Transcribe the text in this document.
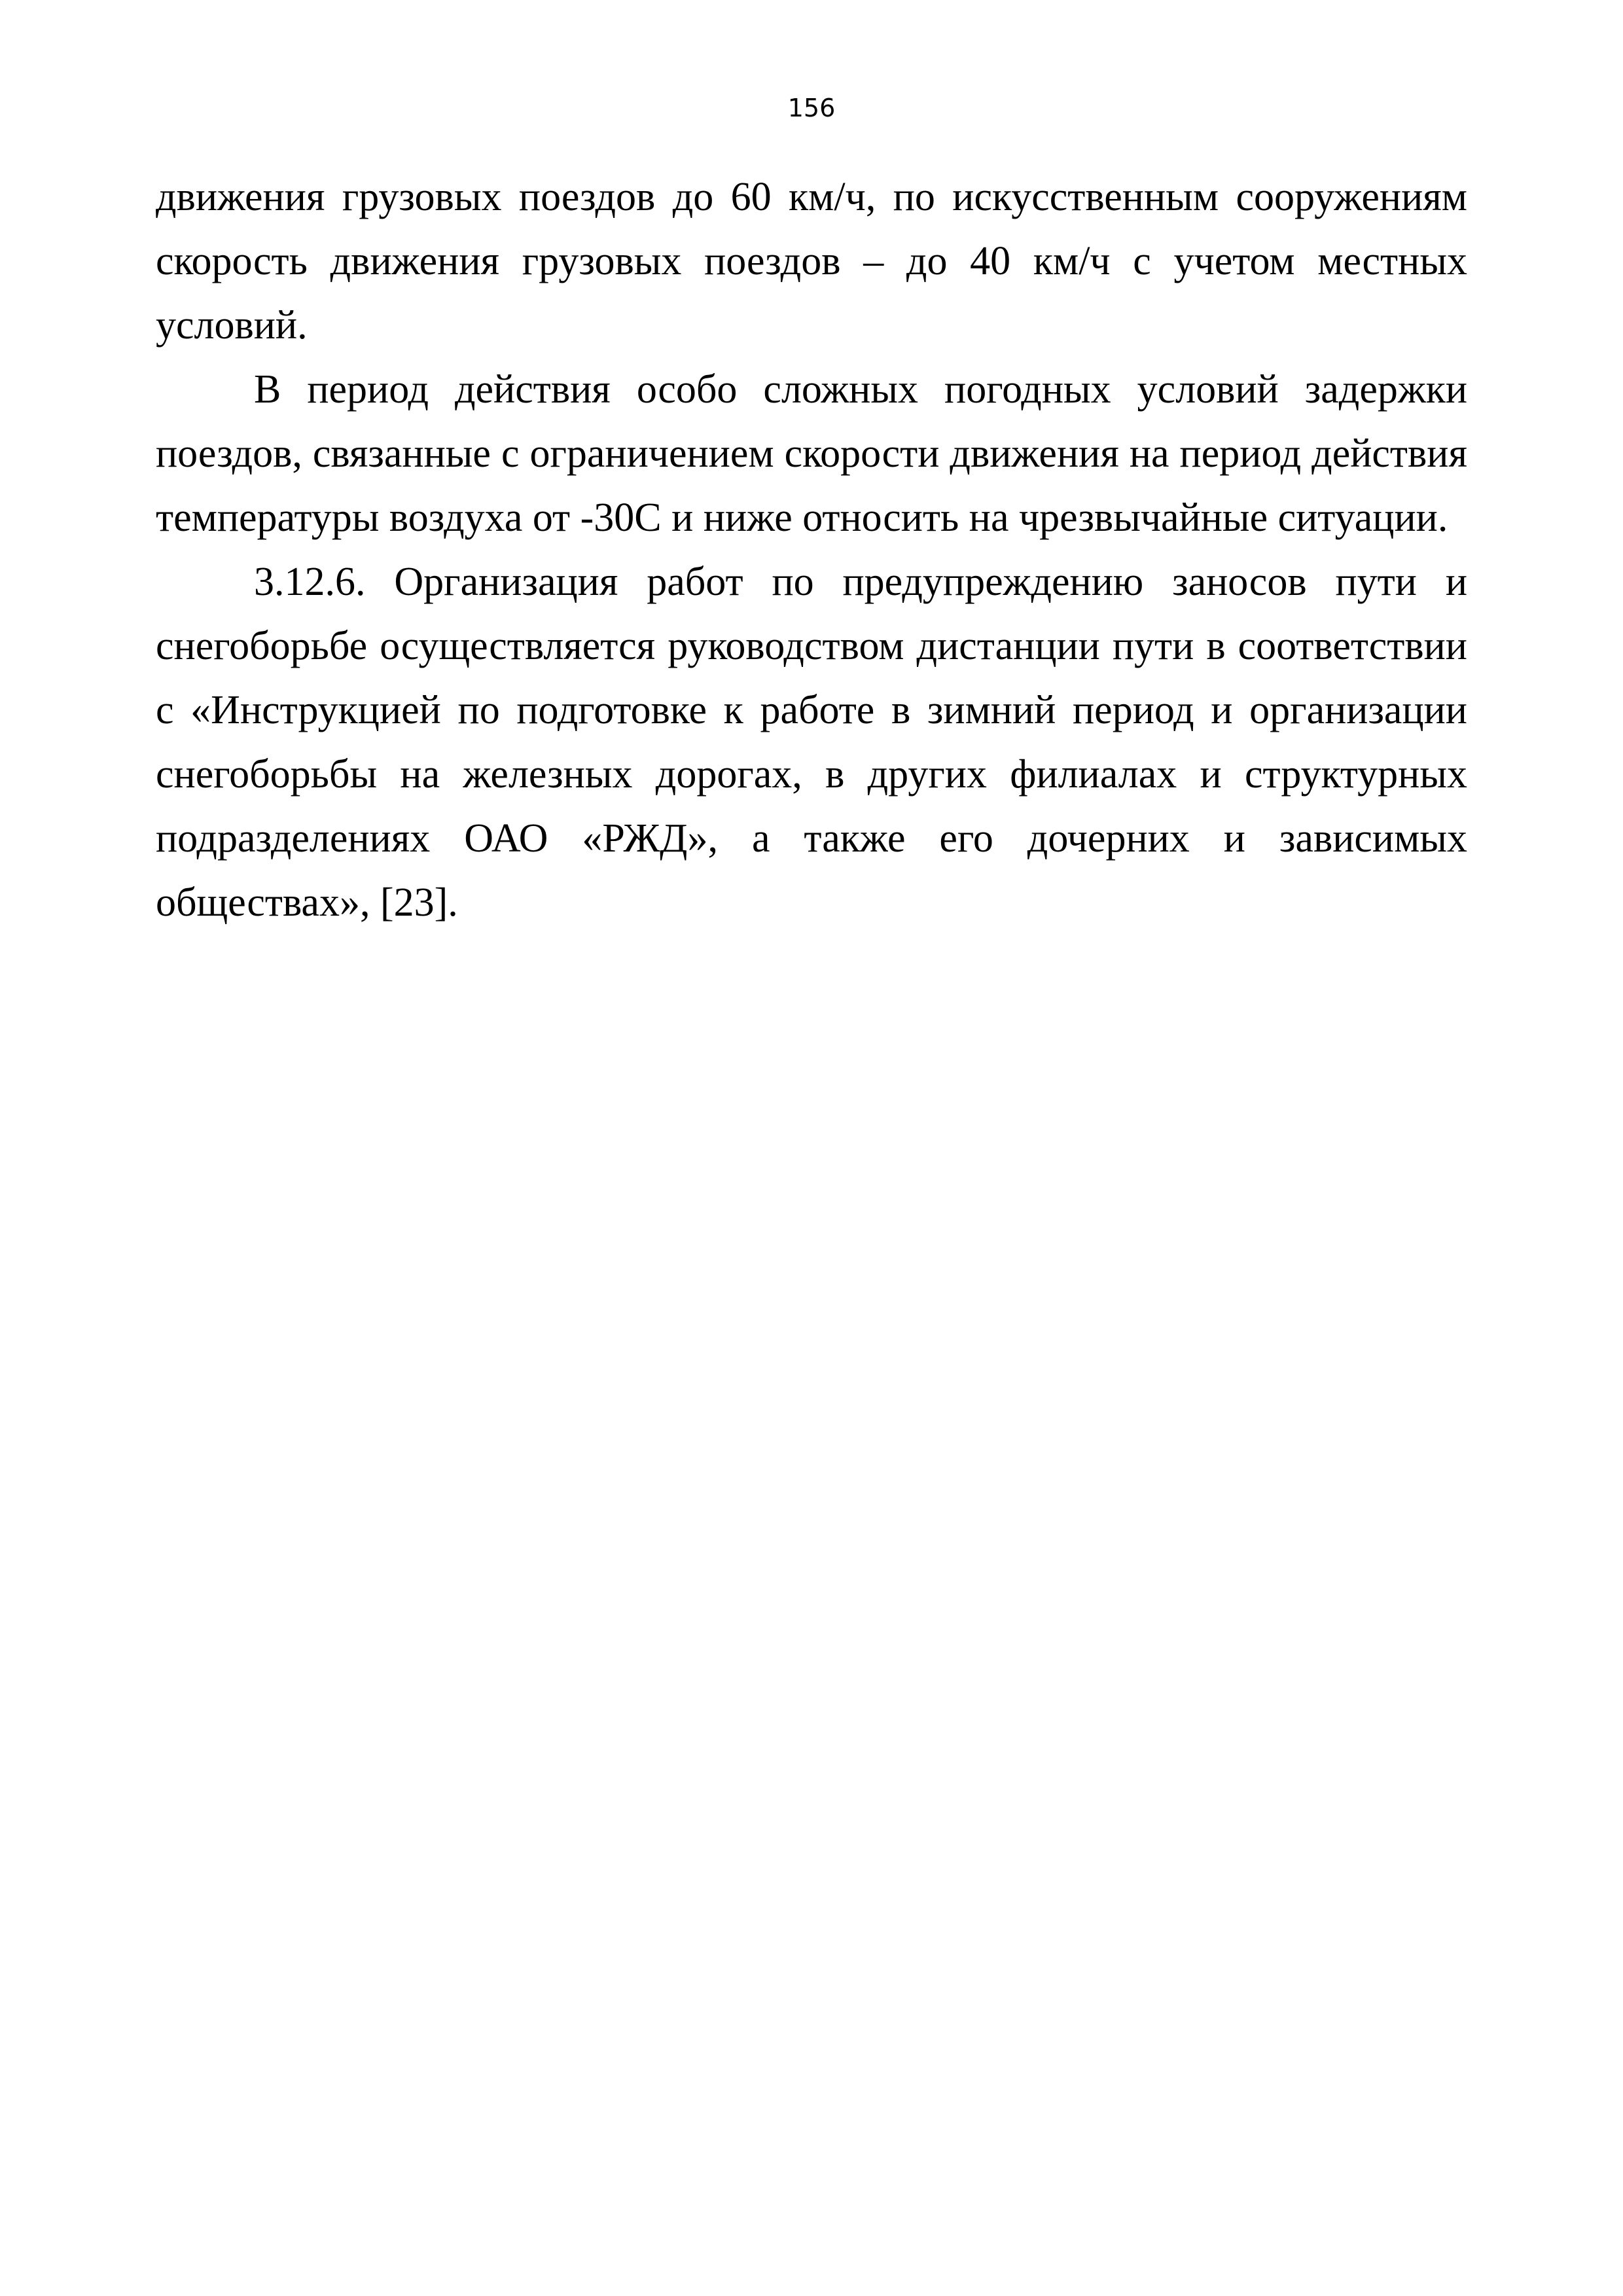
156

движения грузовых поездов до 60 км/ч, по искусственным сооружениям скорость движения грузовых поездов – до 40 км/ч с учетом местных условий.

В период действия особо сложных погодных условий задержки поездов, связанные с ограничением скорости движения на период действия температуры воздуха от -30С и ниже относить на чрезвычайные ситуации.

3.12.6. Организация работ по предупреждению заносов пути и снегоборьбе осуществляется руководством дистанции пути в соответствии с «Инструкцией по подготовке к работе в зимний период и организации снегоборьбы на железных дорогах, в других филиалах и структурных подразделениях ОАО «РЖД», а также его дочерних и зависимых обществах», [23].
